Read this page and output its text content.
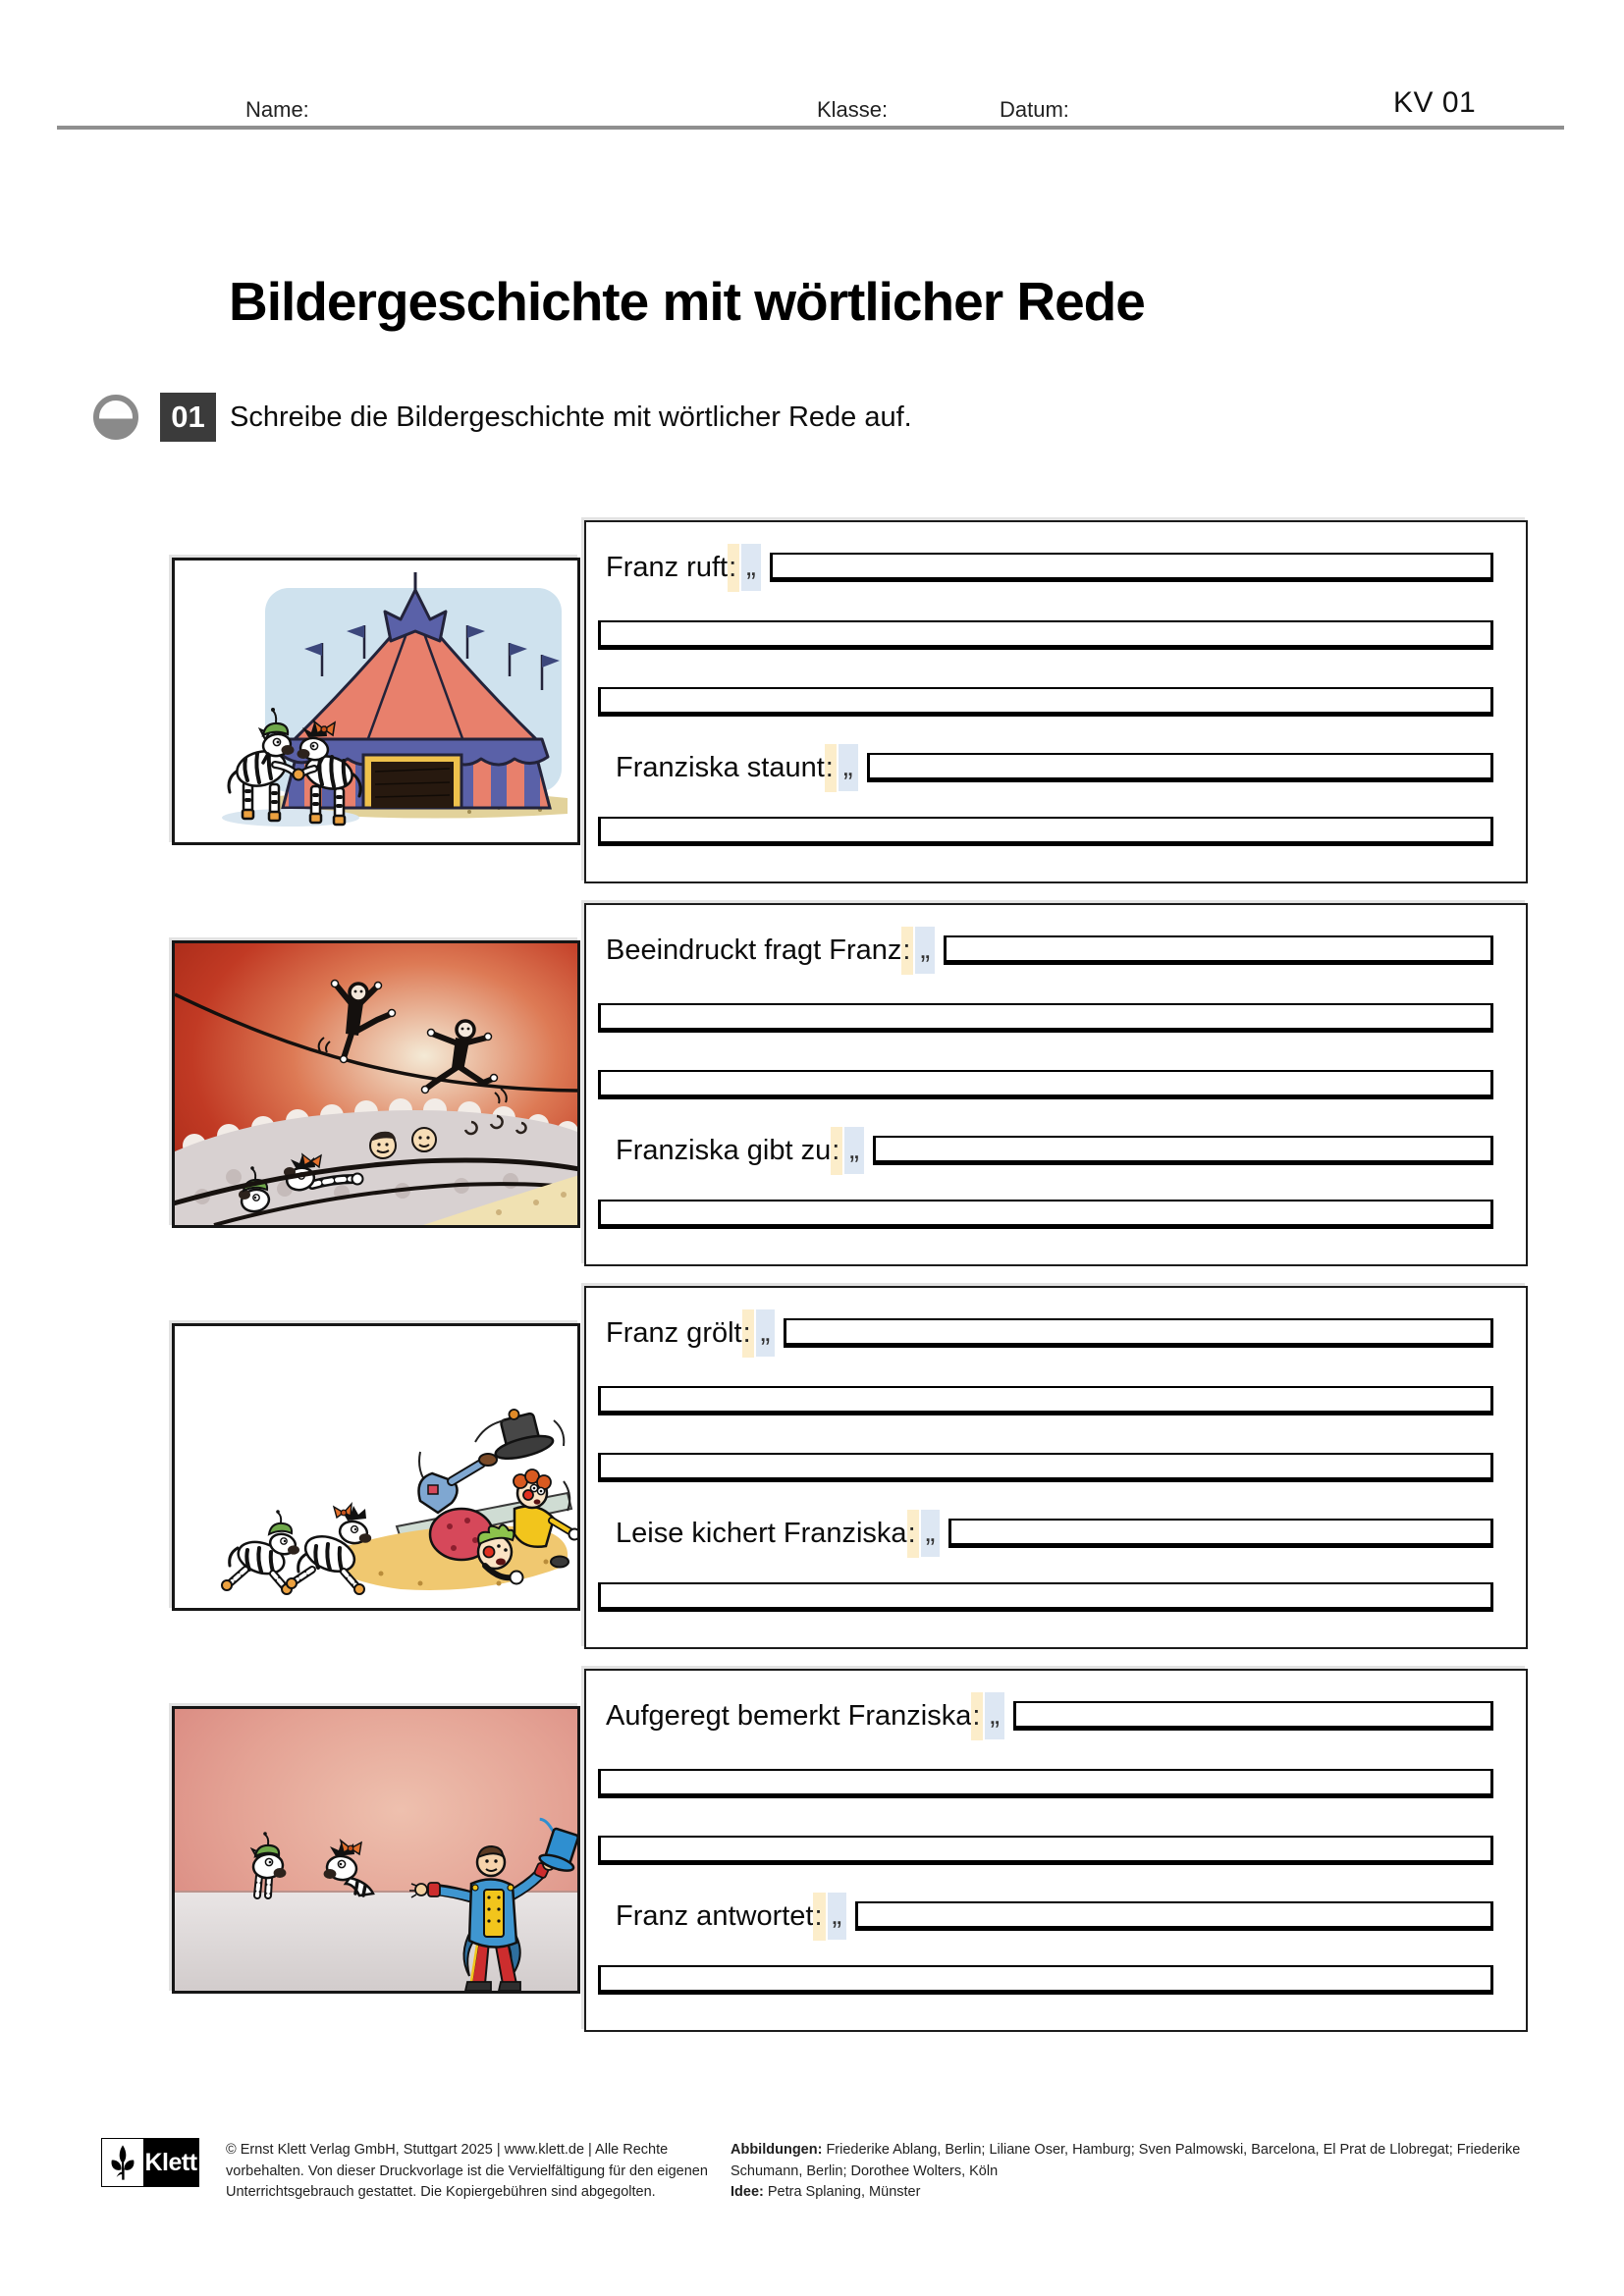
Name:	Klasse:	Datum:	KV 01
Bildergeschichte mit wörtlicher Rede
01 Schreibe die Bildergeschichte mit wörtlicher Rede auf.
Franz ruft : „
Franziska staunt : „
Beeindruckt fragt Franz : „
Franziska gibt zu : „
Franz grölt : „
Leise kichert Franziska : „
Aufgeregt bemerkt Franziska : „
Franz antwortet : „
Klett © Ernst Klett Verlag GmbH, Stuttgart 2025 | www.klett.de | Alle Rechte vorbehalten. Von dieser Druckvorlage ist die Vervielfältigung für den eigenen Unterrichtsgebrauch gestattet. Die Kopiergebühren sind abgegolten.

Abbildungen: Friederike Ablang, Berlin; Liliane Oser, Hamburg; Sven Palmowski, Barcelona, El Prat de Llobregat; Friederike Schumann, Berlin; Dorothee Wolters, Köln

Idee: Petra Splaning, Münster
